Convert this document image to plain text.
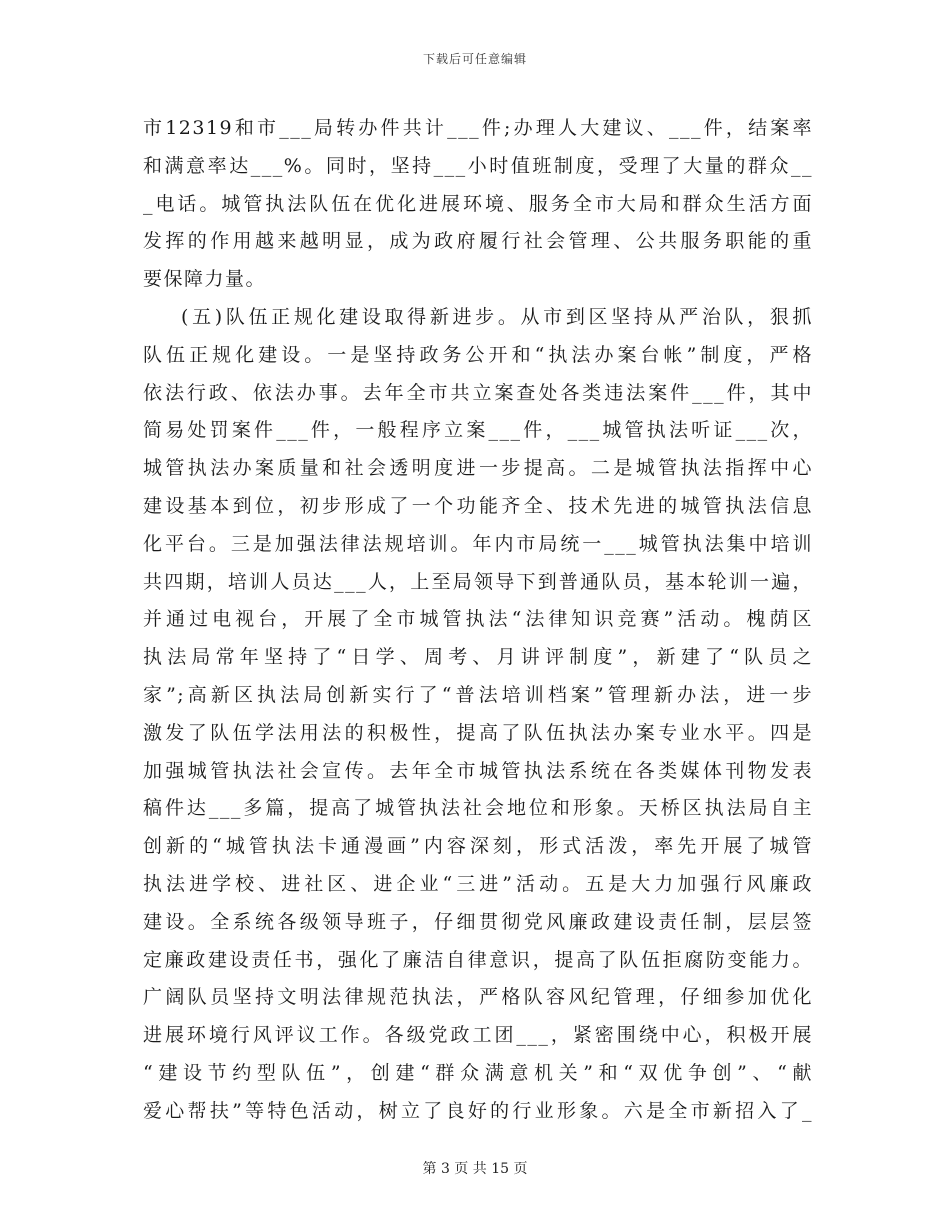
下载后可任意编辑
市12319和市___局转办件共计___件;办理人大建议、___件，结案率
和满意率达___%。同时，坚持___小时值班制度，受理了大量的群众__
_电话。城管执法队伍在优化进展环境、服务全市大局和群众生活方面
发挥的作用越来越明显，成为政府履行社会管理、公共服务职能的重
要保障力量。
(五)队伍正规化建设取得新进步。从市到区坚持从严治队，狠抓
队伍正规化建设。一是坚持政务公开和“执法办案台帐”制度，严格
依法行政、依法办事。去年全市共立案查处各类违法案件___件，其中
简易处罚案件___件，一般程序立案___件，___城管执法听证___次，
城管执法办案质量和社会透明度进一步提高。二是城管执法指挥中心
建设基本到位，初步形成了一个功能齐全、技术先进的城管执法信息
化平台。三是加强法律法规培训。年内市局统一___城管执法集中培训
共四期，培训人员达___人，上至局领导下到普通队员，基本轮训一遍，
并通过电视台，开展了全市城管执法“法律知识竞赛”活动。槐荫区
执法局常年坚持了“日学、周考、月讲评制度”，新建了“队员之
家”;高新区执法局创新实行了“普法培训档案”管理新办法，进一步
激发了队伍学法用法的积极性，提高了队伍执法办案专业水平。四是
加强城管执法社会宣传。去年全市城管执法系统在各类媒体刊物发表
稿件达___多篇，提高了城管执法社会地位和形象。天桥区执法局自主
创新的“城管执法卡通漫画”内容深刻，形式活泼，率先开展了城管
执法进学校、进社区、进企业“三进”活动。五是大力加强行风廉政
建设。全系统各级领导班子，仔细贯彻党风廉政建设责任制，层层签
定廉政建设责任书，强化了廉洁自律意识，提高了队伍拒腐防变能力。
广阔队员坚持文明法律规范执法，严格队容风纪管理，仔细参加优化
进展环境行风评议工作。各级党政工团___，紧密围绕中心，积极开展
“建设节约型队伍”，创建“群众满意机关”和“双优争创”、“献
爱心帮扶”等特色活动，树立了良好的行业形象。六是全市新招入了_
第 3 页 共 15 页
